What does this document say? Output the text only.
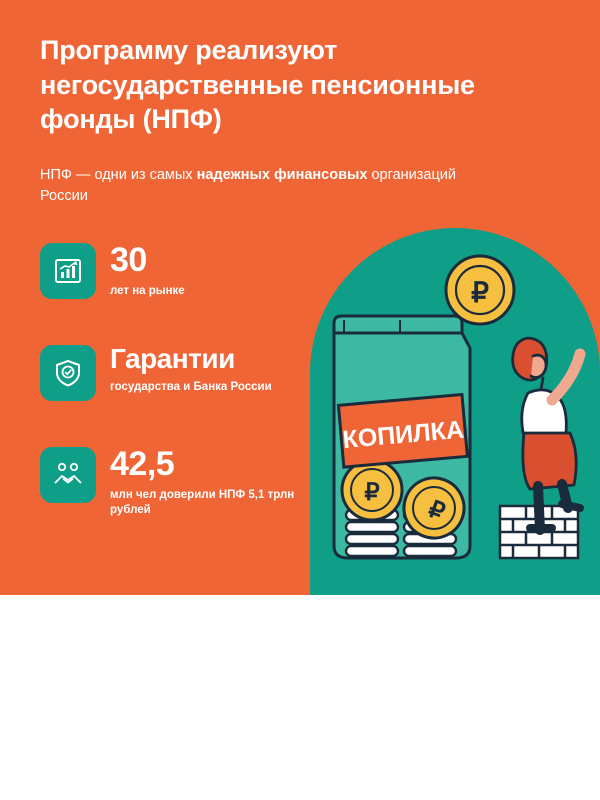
Программу реализуют негосударственные пенсионные фонды (НПФ)
НПФ — одни из самых надежных финансовых организаций России
30
лет на рынке
Гарантии
государства и Банка России
42,5
млн чел доверили НПФ 5,1 трлн рублей
₽
₽
КОПИЛКА
₽
